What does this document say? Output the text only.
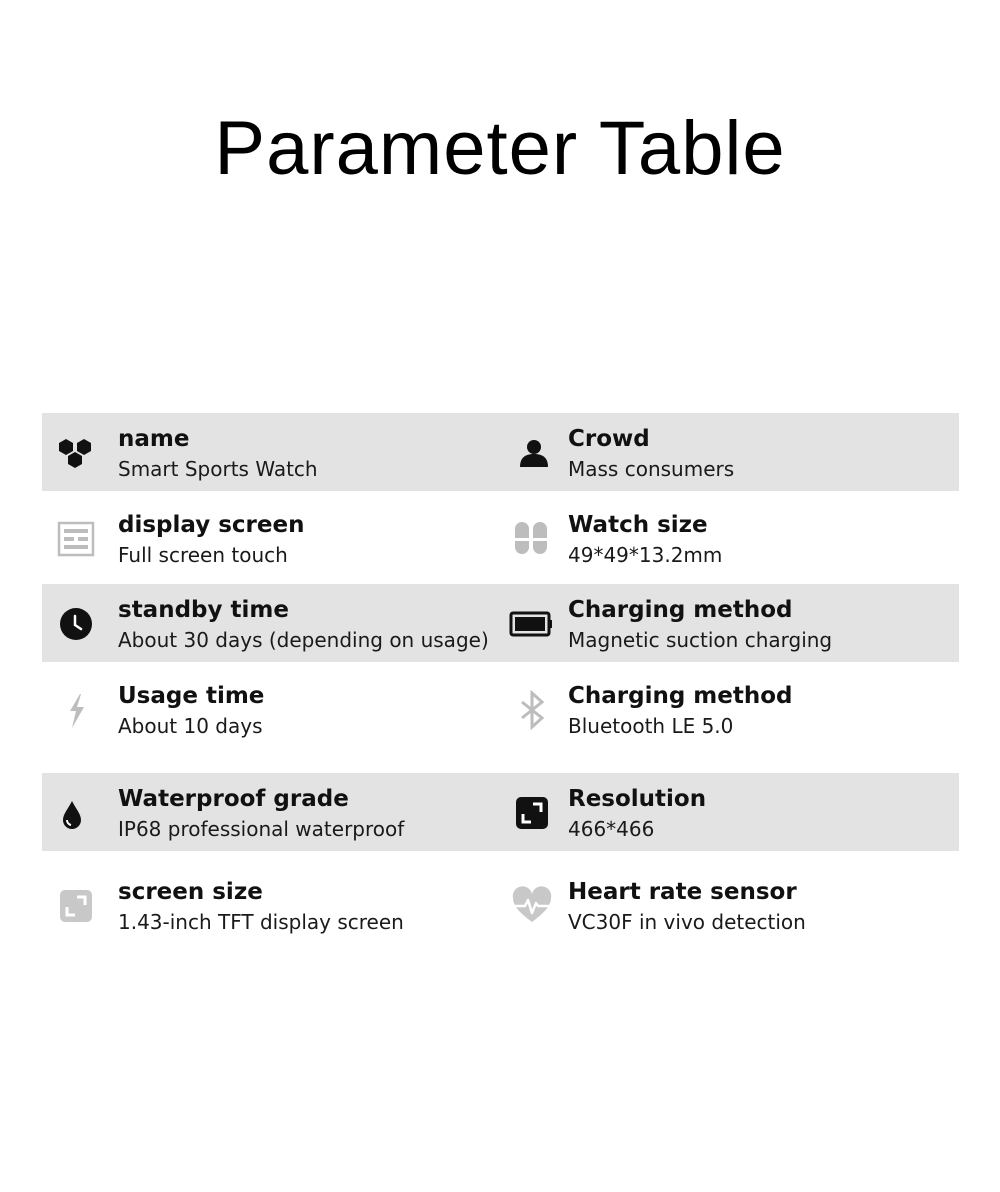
Parameter Table
name
Smart Sports Watch
Crowd
Mass consumers
display screen
Full screen touch
Watch size
49*49*13.2mm
standby time
About 30 days (depending on usage)
Charging method
Magnetic suction charging
Usage time
About 10 days
Charging method
Bluetooth LE 5.0
Waterproof grade
IP68 professional waterproof
Resolution
466*466
screen size
1.43-inch TFT display screen
Heart rate sensor
VC30F in vivo detection
